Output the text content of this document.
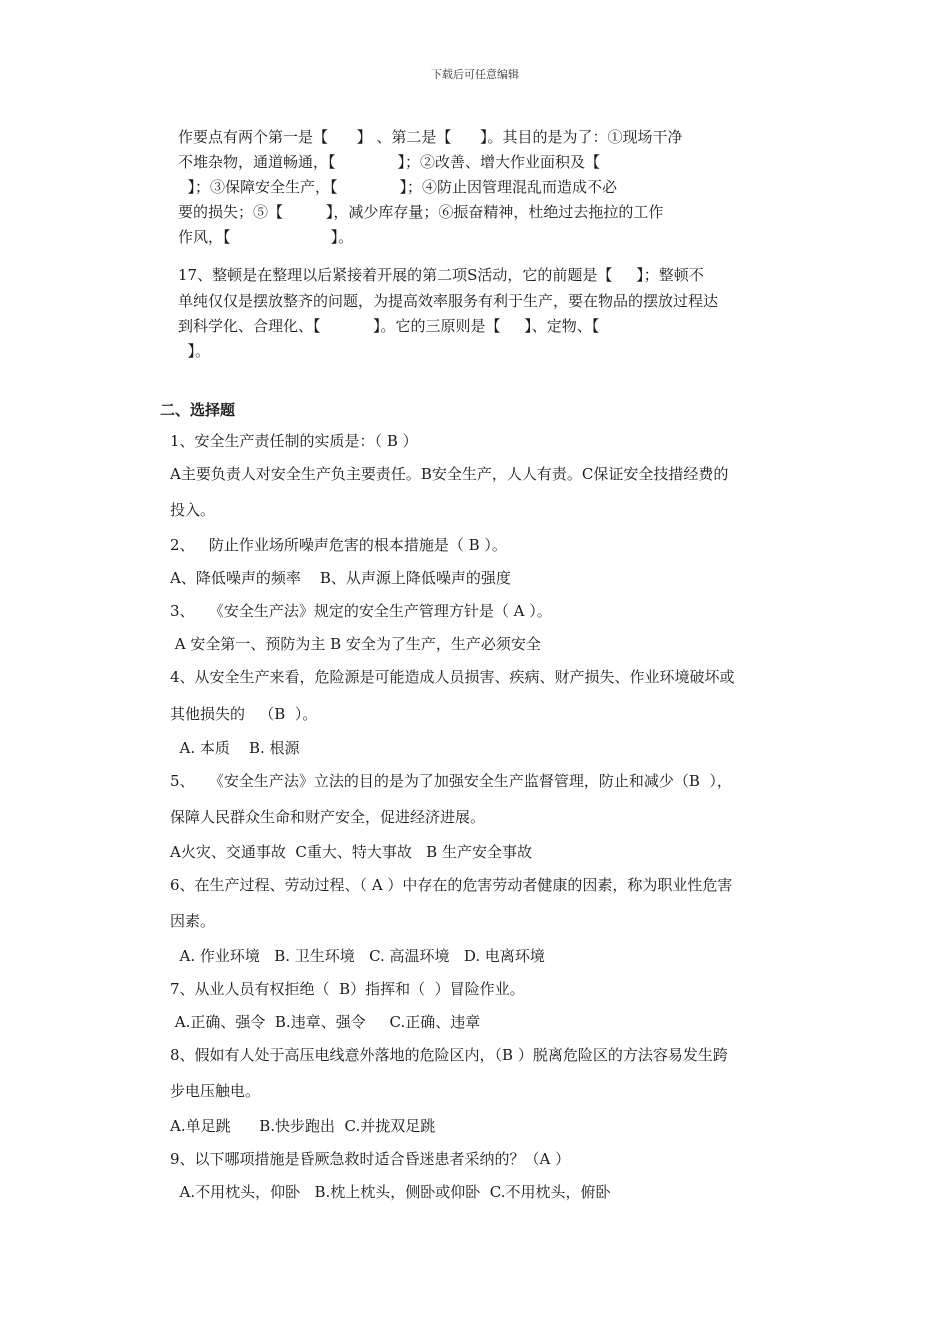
下载后可任意编辑
作要点有两个第一是【      】 、第二是【      】。其目的是为了：①现场干净
不堆杂物，通道畅通，【             】；②改善、增大作业面积及【
】；③保障安全生产，【             】；④防止因管理混乱而造成不必
要的损失；⑤【         】，减少库存量；⑥振奋精神，杜绝过去拖拉的工作
作风，【                     】。
17、整顿是在整理以后紧接着开展的第二项S活动，它的前题是【     】；整顿不
单纯仅仅是摆放整齐的问题，为提高效率服务有利于生产，要在物品的摆放过程达
到科学化、合理化、【           】。它的三原则是【     】、定物、【
】。
二、选择题
1、安全生产责任制的实质是：（ B ）
A主要负责人对安全生产负主要责任。B安全生产，人人有责。C保证安全技措经费的
投入。
2、   防止作业场所噪声危害的根本措施是（ B ）。
A、降低噪声的频率    B、从声源上降低噪声的强度
3、   《安全生产法》规定的安全生产管理方针是（ A ）。
A 安全第一、预防为主 B 安全为了生产，生产必须安全
4、从安全生产来看，危险源是可能造成人员损害、疾病、财产损失、作业环境破坏或
其他损失的   （B  ）。
A. 本质    B. 根源
5、   《安全生产法》立法的目的是为了加强安全生产监督管理，防止和减少（B  ），
保障人民群众生命和财产安全，促进经济进展。
A火灾、交通事故  C重大、特大事故   B 生产安全事故
6、在生产过程、劳动过程、（ A ）中存在的危害劳动者健康的因素，称为职业性危害
因素。
A. 作业环境   B. 卫生环境   C. 高温环境   D. 电离环境
7、从业人员有权拒绝（  B）指挥和（  ）冒险作业。
A.正确、强令  B.违章、强令     C.正确、违章
8、假如有人处于高压电线意外落地的危险区内，（B ）脱离危险区的方法容易发生跨
步电压触电。
A.单足跳      B.快步跑出  C.并拢双足跳
9、以下哪项措施是昏厥急救时适合昏迷患者采纳的？（A ）
A.不用枕头，仰卧   B.枕上枕头，侧卧或仰卧  C.不用枕头，俯卧
